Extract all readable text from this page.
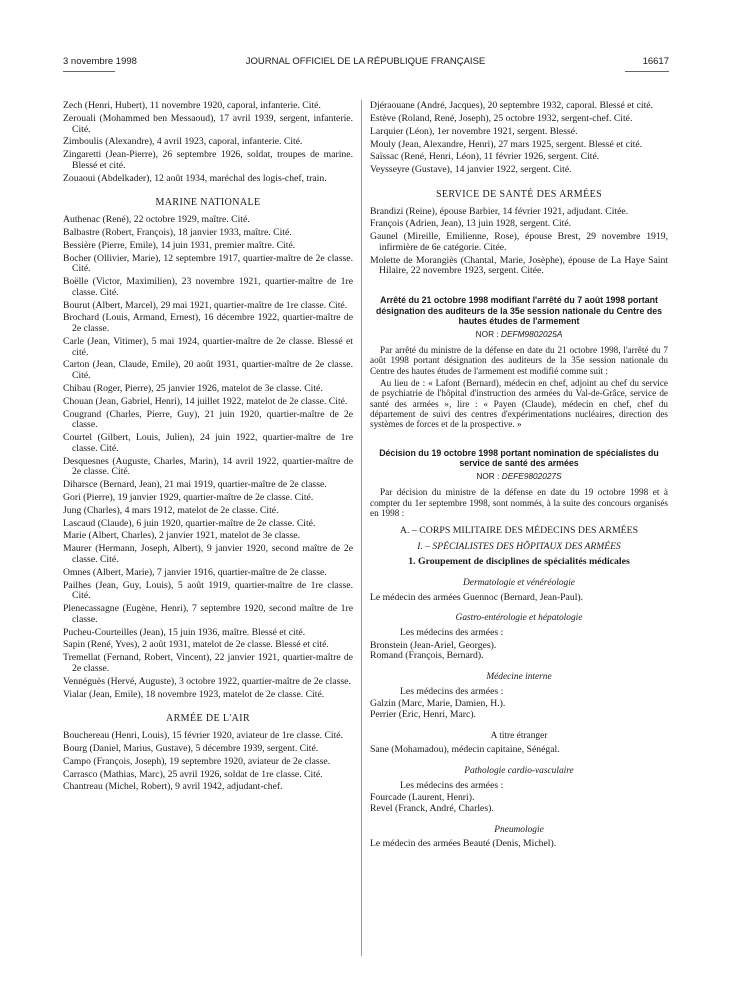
3 novembre 1998	JOURNAL OFFICIEL DE LA RÉPUBLIQUE FRANÇAISE	16617
Zech (Henri, Hubert), 11 novembre 1920, caporal, infanterie. Cité.
Zerouali (Mohammed ben Messaoud), 17 avril 1939, sergent, infanterie. Cité.
Zimboulis (Alexandre), 4 avril 1923, caporal, infanterie. Cité.
Zingaretti (Jean-Pierre), 26 septembre 1926, soldat, troupes de marine. Blessé et cité.
Zouaoui (Abdelkader), 12 août 1934, maréchal des logis-chef, train.
MARINE NATIONALE
Authenac (René), 22 octobre 1929, maître. Cité.
Balbastre (Robert, François), 18 janvier 1933, maître. Cité.
Bessière (Pierre, Emile), 14 juin 1931, premier maître. Cité.
Bocher (Ollivier, Marie), 12 septembre 1917, quartier-maître de 2e classe. Cité.
Boëlle (Victor, Maximilien), 23 novembre 1921, quartier-maître de 1re classe. Cité.
Bourut (Albert, Marcel), 29 mai 1921, quartier-maître de 1re classe. Cité.
Brochard (Louis, Armand, Ernest), 16 décembre 1922, quartier-maître de 2e classe.
Carle (Jean, Vitimer), 5 mai 1924, quartier-maître de 2e classe. Blessé et cité.
Carton (Jean, Claude, Emile), 20 août 1931, quartier-maître de 2e classe. Cité.
Chibau (Roger, Pierre), 25 janvier 1926, matelot de 3e classe. Cité.
Chouan (Jean, Gabriel, Henri), 14 juillet 1922, matelot de 2e classe. Cité.
Cougrand (Charles, Pierre, Guy), 21 juin 1920, quartier-maître de 2e classe.
Courtel (Gilbert, Louis, Julien), 24 juin 1922, quartier-maître de 1re classe. Cité.
Desquesnes (Auguste, Charles, Marin), 14 avril 1922, quartier-maître de 2e classe. Cité.
Diharsce (Bernard, Jean), 21 mai 1919, quartier-maître de 2e classe.
Gori (Pierre), 19 janvier 1929, quartier-maître de 2e classe. Cité.
Jung (Charles), 4 mars 1912, matelot de 2e classe. Cité.
Lascaud (Claude), 6 juin 1920, quartier-maître de 2e classe. Cité.
Marie (Albert, Charles), 2 janvier 1921, matelot de 3e classe.
Maurer (Hermann, Joseph, Albert), 9 janvier 1920, second maître de 2e classe. Cité.
Omnes (Albert, Marie), 7 janvier 1916, quartier-maître de 2e classe.
Pailhes (Jean, Guy, Louis), 5 août 1919, quartier-maître de 1re classe. Cité.
Plenecassagne (Eugène, Henri), 7 septembre 1920, second maître de 1re classe.
Pucheu-Courteilles (Jean), 15 juin 1936, maître. Blessé et cité.
Sapin (René, Yves), 2 août 1931, matelot de 2e classe. Blessé et cité.
Tremellat (Fernand, Robert, Vincent), 22 janvier 1921, quartier-maître de 2e classe.
Vennéguès (Hervé, Auguste), 3 octobre 1922, quartier-maître de 2e classe.
Vialar (Jean, Emile), 18 novembre 1923, matelot de 2e classe. Cité.
ARMÉE DE L'AIR
Bouchereau (Henri, Louis), 15 février 1920, aviateur de 1re classe. Cité.
Bourg (Daniel, Marius, Gustave), 5 décembre 1939, sergent. Cité.
Campo (François, Joseph), 19 septembre 1920, aviateur de 2e classe.
Carrasco (Mathias, Marc), 25 avril 1926, soldat de 1re classe. Cité.
Chantreau (Michel, Robert), 9 avril 1942, adjudant-chef.
Djéraouane (André, Jacques), 20 septembre 1932, caporal. Blessé et cité.
Estève (Roland, René, Joseph), 25 octobre 1932, sergent-chef. Cité.
Larquier (Léon), 1er novembre 1921, sergent. Blessé.
Mouly (Jean, Alexandre, Henri), 27 mars 1925, sergent. Blessé et cité.
Saïssac (René, Henri, Léon), 11 février 1926, sergent. Cité.
Veysseyre (Gustave), 14 janvier 1922, sergent. Cité.
SERVICE DE SANTÉ DES ARMÉES
Brandizi (Reine), épouse Barbier, 14 février 1921, adjudant. Citée.
François (Adrien, Jean), 13 juin 1928, sergent. Cité.
Gaunel (Mireille, Emilienne, Rose), épouse Brest, 29 novembre 1919, infirmière de 6e catégorie. Citée.
Molette de Morangiès (Chantal, Marie, Josèphe), épouse de La Haye Saint Hilaire, 22 novembre 1923, sergent. Citée.
Arrêté du 21 octobre 1998 modifiant l'arrêté du 7 août 1998 portant désignation des auditeurs de la 35e session nationale du Centre des hautes études de l'armement
NOR : DEFM9802025A
Par arrêté du ministre de la défense en date du 21 octobre 1998, l'arrêté du 7 août 1998 portant désignation des auditeurs de la 35e session nationale du Centre des hautes études de l'armement est modifié comme suit :
Au lieu de : « Lafont (Bernard), médecin en chef, adjoint au chef du service de psychiatrie de l'hôpital d'instruction des armées du Val-de-Grâce, service de santé des armées », lire : « Payen (Claude), médecin en chef, chef du département de suivi des centres d'expérimentations nucléaires, direction des systèmes de forces et de la prospective. »
Décision du 19 octobre 1998 portant nomination de spécialistes du service de santé des armées
NOR : DEFE9802027S
Par décision du ministre de la défense en date du 19 octobre 1998 et à compter du 1er septembre 1998, sont nommés, à la suite des concours organisés en 1998 :
A. – CORPS MILITAIRE DES MÉDECINS DES ARMÉES
I. – SPÉCIALISTES DES HÔPITAUX DES ARMÉES
1. Groupement de disciplines de spécialités médicales
Dermatologie et vénéréologie
Le médecin des armées Guennoc (Bernard, Jean-Paul).
Gastro-entérologie et hépatologie
Les médecins des armées :
Bronstein (Jean-Ariel, Georges).
Romand (François, Bernard).
Médecine interne
Les médecins des armées :
Galzin (Marc, Marie, Damien, H.).
Perrier (Eric, Henri, Marc).
A titre étranger
Sane (Mohamadou), médecin capitaine, Sénégal.
Pathologie cardio-vasculaire
Les médecins des armées :
Fourcade (Laurent, Henri).
Revel (Franck, André, Charles).
Pneumologie
Le médecin des armées Beauté (Denis, Michel).
